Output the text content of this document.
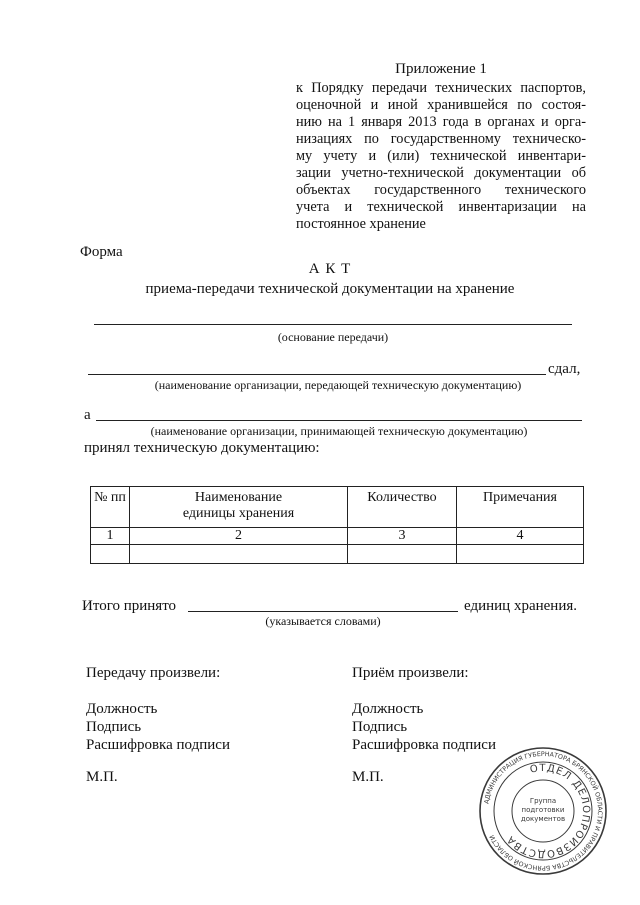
Приложение 1
к Порядку передачи технических паспортов,
оценочной и иной хранившейся по состоя-
нию на 1 января 2013 года в органах и орга-
низациях по государственному техническо-
му учету и (или) технической инвентари-
зации учетно-технической документации об
объектах государственного технического
учета и технической инвентаризации на
постоянное хранение
Форма
А К Т
приема-передачи технической документации на хранение
(основание передачи)
сдал,
(наименование организации, передающей техническую документацию)
а
(наименование организации, принимающей техническую документацию)
принял техническую документацию:
№ пп	Наименование единицы хранения	Количество	Примечания
1	2	3	4

Итого принято	единиц хранения.
(указывается словами)
Передачу произвели:
Должность
Подпись
Расшифровка подписи
М.П.
Приём произвели:
Должность
Подпись
Расшифровка подписи
М.П.
АДМИНИСТРАЦИЯ ГУБЕРНАТОРА БРЯНСКОЙ ОБЛАСТИ И ПРАВИТЕЛЬСТВА БРЯНСКОЙ ОБЛАСТИ
ОТДЕЛ ДЕЛОПРОИЗВОДСТВА
Группа
подготовки
документов
